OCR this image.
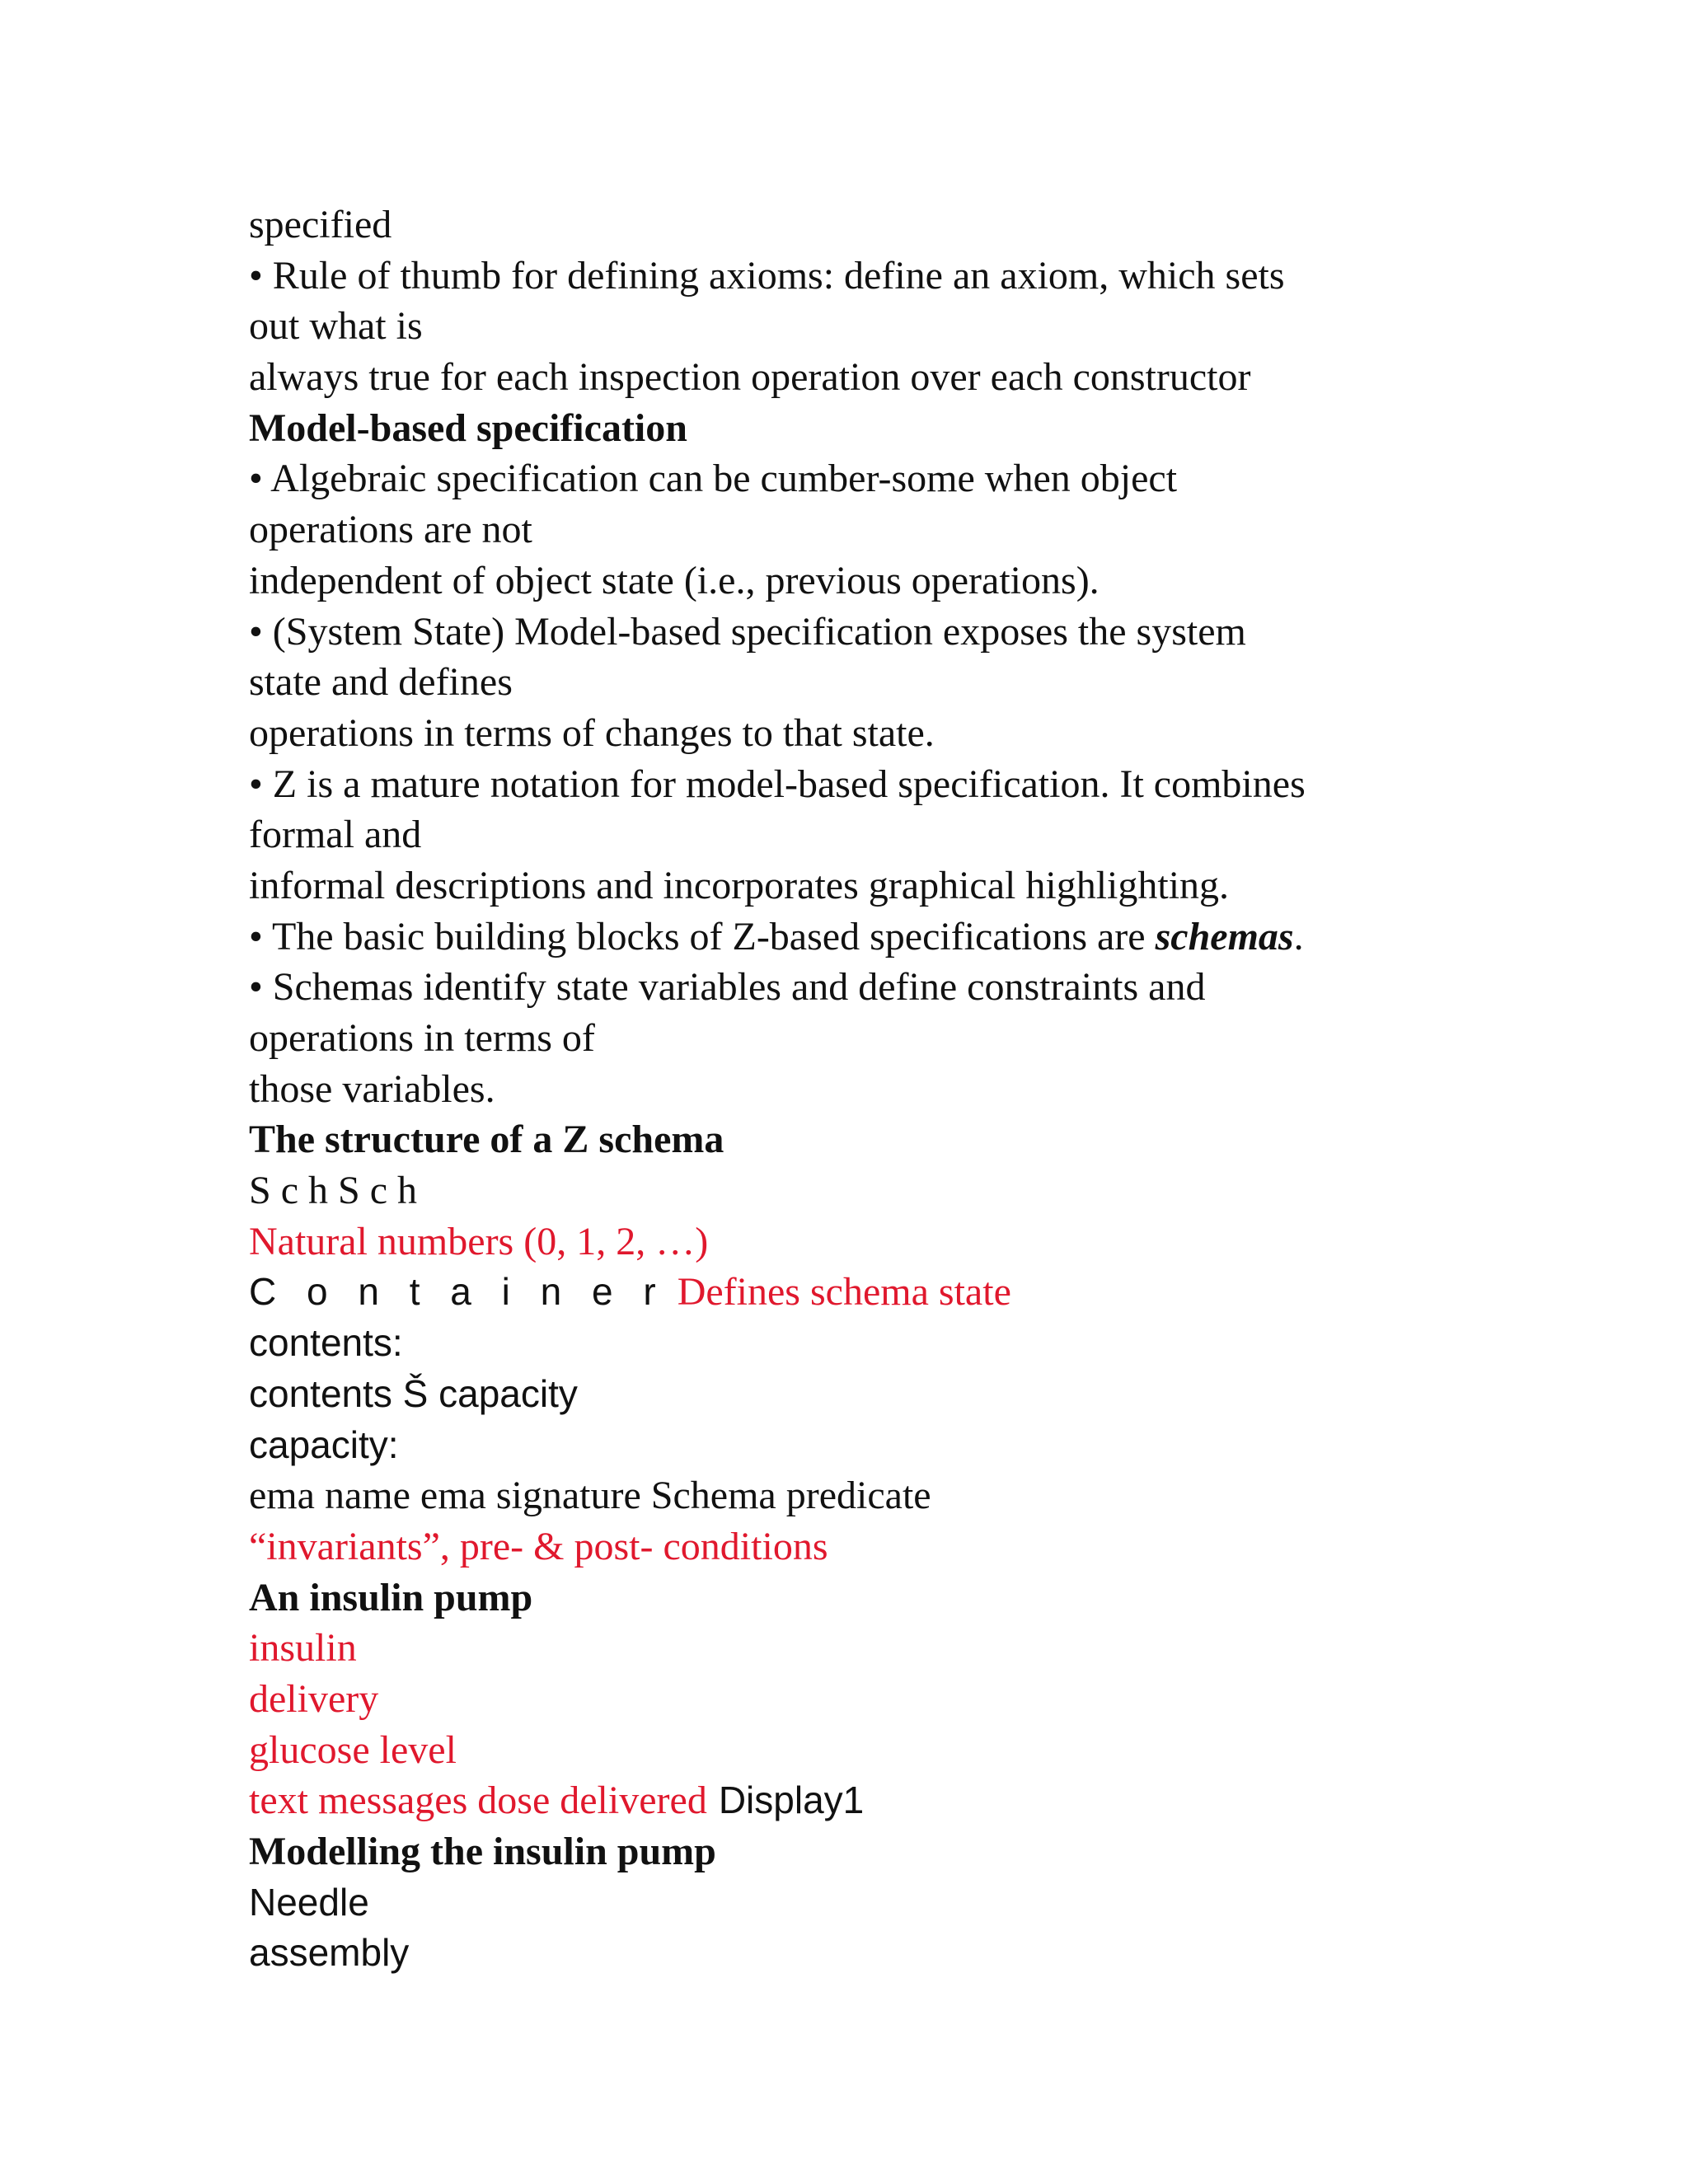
specified
• Rule of thumb for defining axioms: define an axiom, which sets
out what is
always true for each inspection operation over each constructor
Model-based specification
• Algebraic specification can be cumber-some when object
operations are not
independent of object state (i.e., previous operations).
• (System State) Model-based specification exposes the system
state and defines
operations in terms of changes to that state.
• Z is a mature notation for model-based specification. It combines
formal and
informal descriptions and incorporates graphical highlighting.
• The basic building blocks of Z-based specifications are schemas.
• Schemas identify state variables and define constraints and
operations in terms of
those variables.
The structure of a Z schema
S c h S c h
Natural numbers (0, 1, 2, …)
C o n t a i n e r Defines schema state
contents:
contents Š capacity
capacity:
ema name ema signature Schema predicate
“invariants”, pre- & post- conditions
An insulin pump
insulin
delivery
glucose level
text messages dose delivered Display1
Modelling the insulin pump
Needle
assembly
